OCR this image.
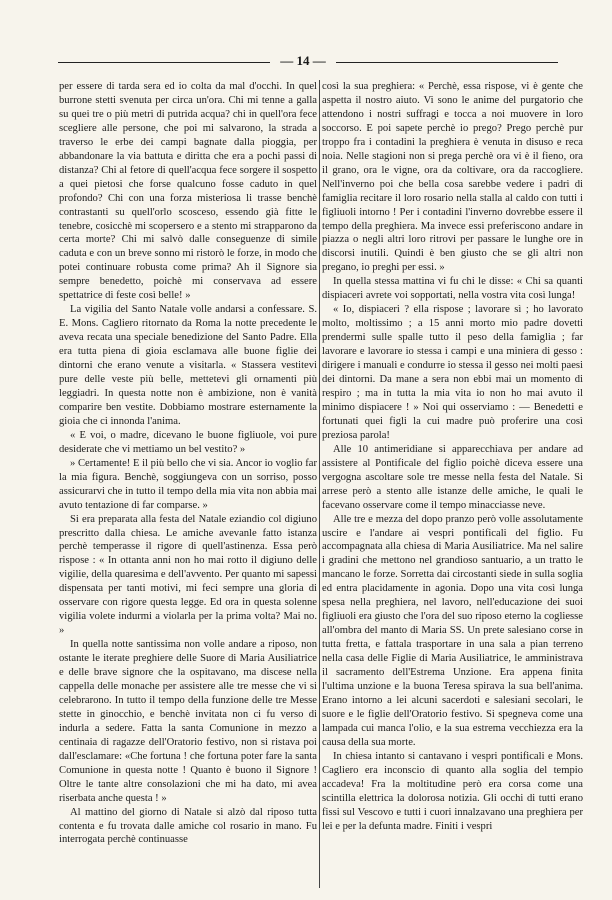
— 14 —

per essere di tarda sera ed io colta da mal d'occhi. In quel burrone stetti svenuta per circa un'ora. Chi mi tenne a galla su quei tre o più metri di putrida acqua? chi in quell'ora fece scegliere alle persone, che poi mi salvarono, la strada a traverso le erbe dei campi bagnate dalla pioggia, per abbandonare la via battuta e diritta che era a pochi passi di distanza? Chi al fetore di quell'acqua fece sorgere il sospetto a quei pietosi che forse qualcuno fosse caduto in quel profondo? Chi con una forza misteriosa li trasse benchè contrastanti su quell'orlo scosceso, essendo già fitte le tenebre, cosicchè mi scopersero e a stento mi strapparono da certa morte? Chi mi salvò dalle conseguenze di simile caduta e con un breve sonno mi ristorò le forze, in modo che potei continuare robusta come prima? Ah il Signore sia sempre benedetto, poichè mi conservava ad essere spettatrice di feste così belle! »

La vigilia del Santo Natale volle andarsi a confessare. S. E. Mons. Cagliero ritornato da Roma la notte precedente le aveva recata una speciale benedizione del Santo Padre. Ella era tutta piena di gioia esclamava alle buone figlie dei dintorni che erano venute a visitarla. « Stassera vestitevi pure delle veste più belle, mettetevi gli ornamenti più leggiadri. In questa notte non è ambizione, non è vanità comparire ben vestite. Dobbiamo mostrare esternamente la gioia che ci innonda l'anima.

« E voi, o madre, dicevano le buone figliuole, voi pure desiderate che vi mettiamo un bel vestito? »

» Certamente! E il più bello che vi sia. Ancor io voglio far la mia figura. Benchè, soggiungeva con un sorriso, posso assicurarvi che in tutto il tempo della mia vita non abbia mai avuto tentazione di far comparse. »

Si era preparata alla festa del Natale eziandio col digiuno prescritto dalla chiesa. Le amiche avevanle fatto istanza perchè temperasse il rigore di quell'astinenza. Essa però rispose : « In ottanta anni non ho mai rotto il digiuno delle vigilie, della quaresima e dell'avvento. Per quanto mi sapessi dispensata per tanti motivi, mi feci sempre una gloria di osservare con rigore questa legge. Ed ora in questa solenne vigilia volete indurmi a violarla per la prima volta? Mai no. »

In quella notte santissima non volle andare a riposo, non ostante le iterate preghiere delle Suore di Maria Ausiliatrice e delle brave signore che la ospitavano, ma discese nella cappella delle monache per assistere alle tre messe che vi si celebrarono. In tutto il tempo della funzione delle tre Messe stette in ginocchio, e benchè invitata non ci fu verso di indurla a sedere. Fatta la santa Comunione in mezzo a centinaia di ragazze dell'Oratorio festivo, non si ristava poi dall'esclamare: «Che fortuna ! che fortuna poter fare la santa Comunione in questa notte ! Quanto è buono il Signore ! Oltre le tante altre consolazioni che mi ha dato, mi avea riserbata anche questa ! »

Al mattino del giorno di Natale si alzò dal riposo tutta contenta e fu trovata dalle amiche col rosario in mano. Fu interrogata perchè continuasse

così la sua preghiera: « Perchè, essa rispose, vi è gente che aspetta il nostro aiuto. Vi sono le anime del purgatorio che attendono i nostri suffragi e tocca a noi muovere in loro soccorso. E poi sapete perchè io prego? Prego perchè pur troppo fra i contadini la preghiera è venuta in disuso e reca noia. Nelle stagioni non si prega perchè ora vi è il fieno, ora il grano, ora le vigne, ora da coltivare, ora da raccogliere. Nell'inverno poi che bella cosa sarebbe vedere i padri di famiglia recitare il loro rosario nella stalla al caldo con tutti i figliuoli intorno ! Per i contadini l'inverno dovrebbe essere il tempo della preghiera. Ma invece essi preferiscono andare in piazza o negli altri loro ritrovi per passare le lunghe ore in discorsi inutili. Quindi è ben giusto che se gli altri non pregano, io preghi per essi. »

In quella stessa mattina vi fu chi le disse: « Chi sa quanti dispiaceri avrete voi sopportati, nella vostra vita così lunga!

« Io, dispiaceri ? ella rispose ; lavorare sì ; ho lavorato molto, moltissimo ; a 15 anni morto mio padre dovetti prendermi sulle spalle tutto il peso della famiglia ; far lavorare e lavorare io stessa i campi e una miniera di gesso : dirigere i manuali e condurre io stessa il gesso nei molti paesi dei dintorni. Da mane a sera non ebbi mai un momento di respiro ; ma in tutta la mia vita io non ho mai avuto il minimo dispiacere ! » Noi qui osserviamo : — Benedetti e fortunati quei figli la cui madre può proferire una così preziosa parola!

Alle 10 antimeridiane si apparecchiava per andare ad assistere al Pontificale del figlio poichè diceva essere una vergogna ascoltare sole tre messe nella festa del Natale. Si arrese però a stento alle istanze delle amiche, le quali le facevano osservare come il tempo minacciasse neve.

Alle tre e mezza del dopo pranzo però volle assolutamente uscire e l'andare ai vespri pontificali del figlio. Fu accompagnata alla chiesa di Maria Ausiliatrice. Ma nel salire i gradini che mettono nel grandioso santuario, a un tratto le mancano le forze. Sorretta dai circostanti siede in sulla soglia ed entra placidamente in agonia. Dopo una vita così lunga spesa nella preghiera, nel lavoro, nell'educazione dei suoi figliuoli era giusto che l'ora del suo riposo eterno la cogliesse all'ombra del manto di Maria SS. Un prete salesiano corse in tutta fretta, e fattala trasportare in una sala a pian terreno nella casa delle Figlie di Maria Ausiliatrice, le amministrava il sacramento dell'Estrema Unzione. Era appena finita l'ultima unzione e la buona Teresa spirava la sua bell'anima. Erano intorno a lei alcuni sacerdoti e salesiani secolari, le suore e le figlie dell'Oratorio festivo. Si spegneva come una lampada cui manca l'olio, e la sua estrema vecchiezza era la causa della sua morte.

In chiesa intanto si cantavano i vespri pontificali e Mons. Cagliero era inconscio di quanto alla soglia del tempio accadeva! Fra la moltitudine però era corsa come una scintilla elettrica la dolorosa notizia. Gli occhi di tutti erano fissi sul Vescovo e tutti i cuori innalzavano una preghiera per lei e per la defunta madre. Finiti i vespri
